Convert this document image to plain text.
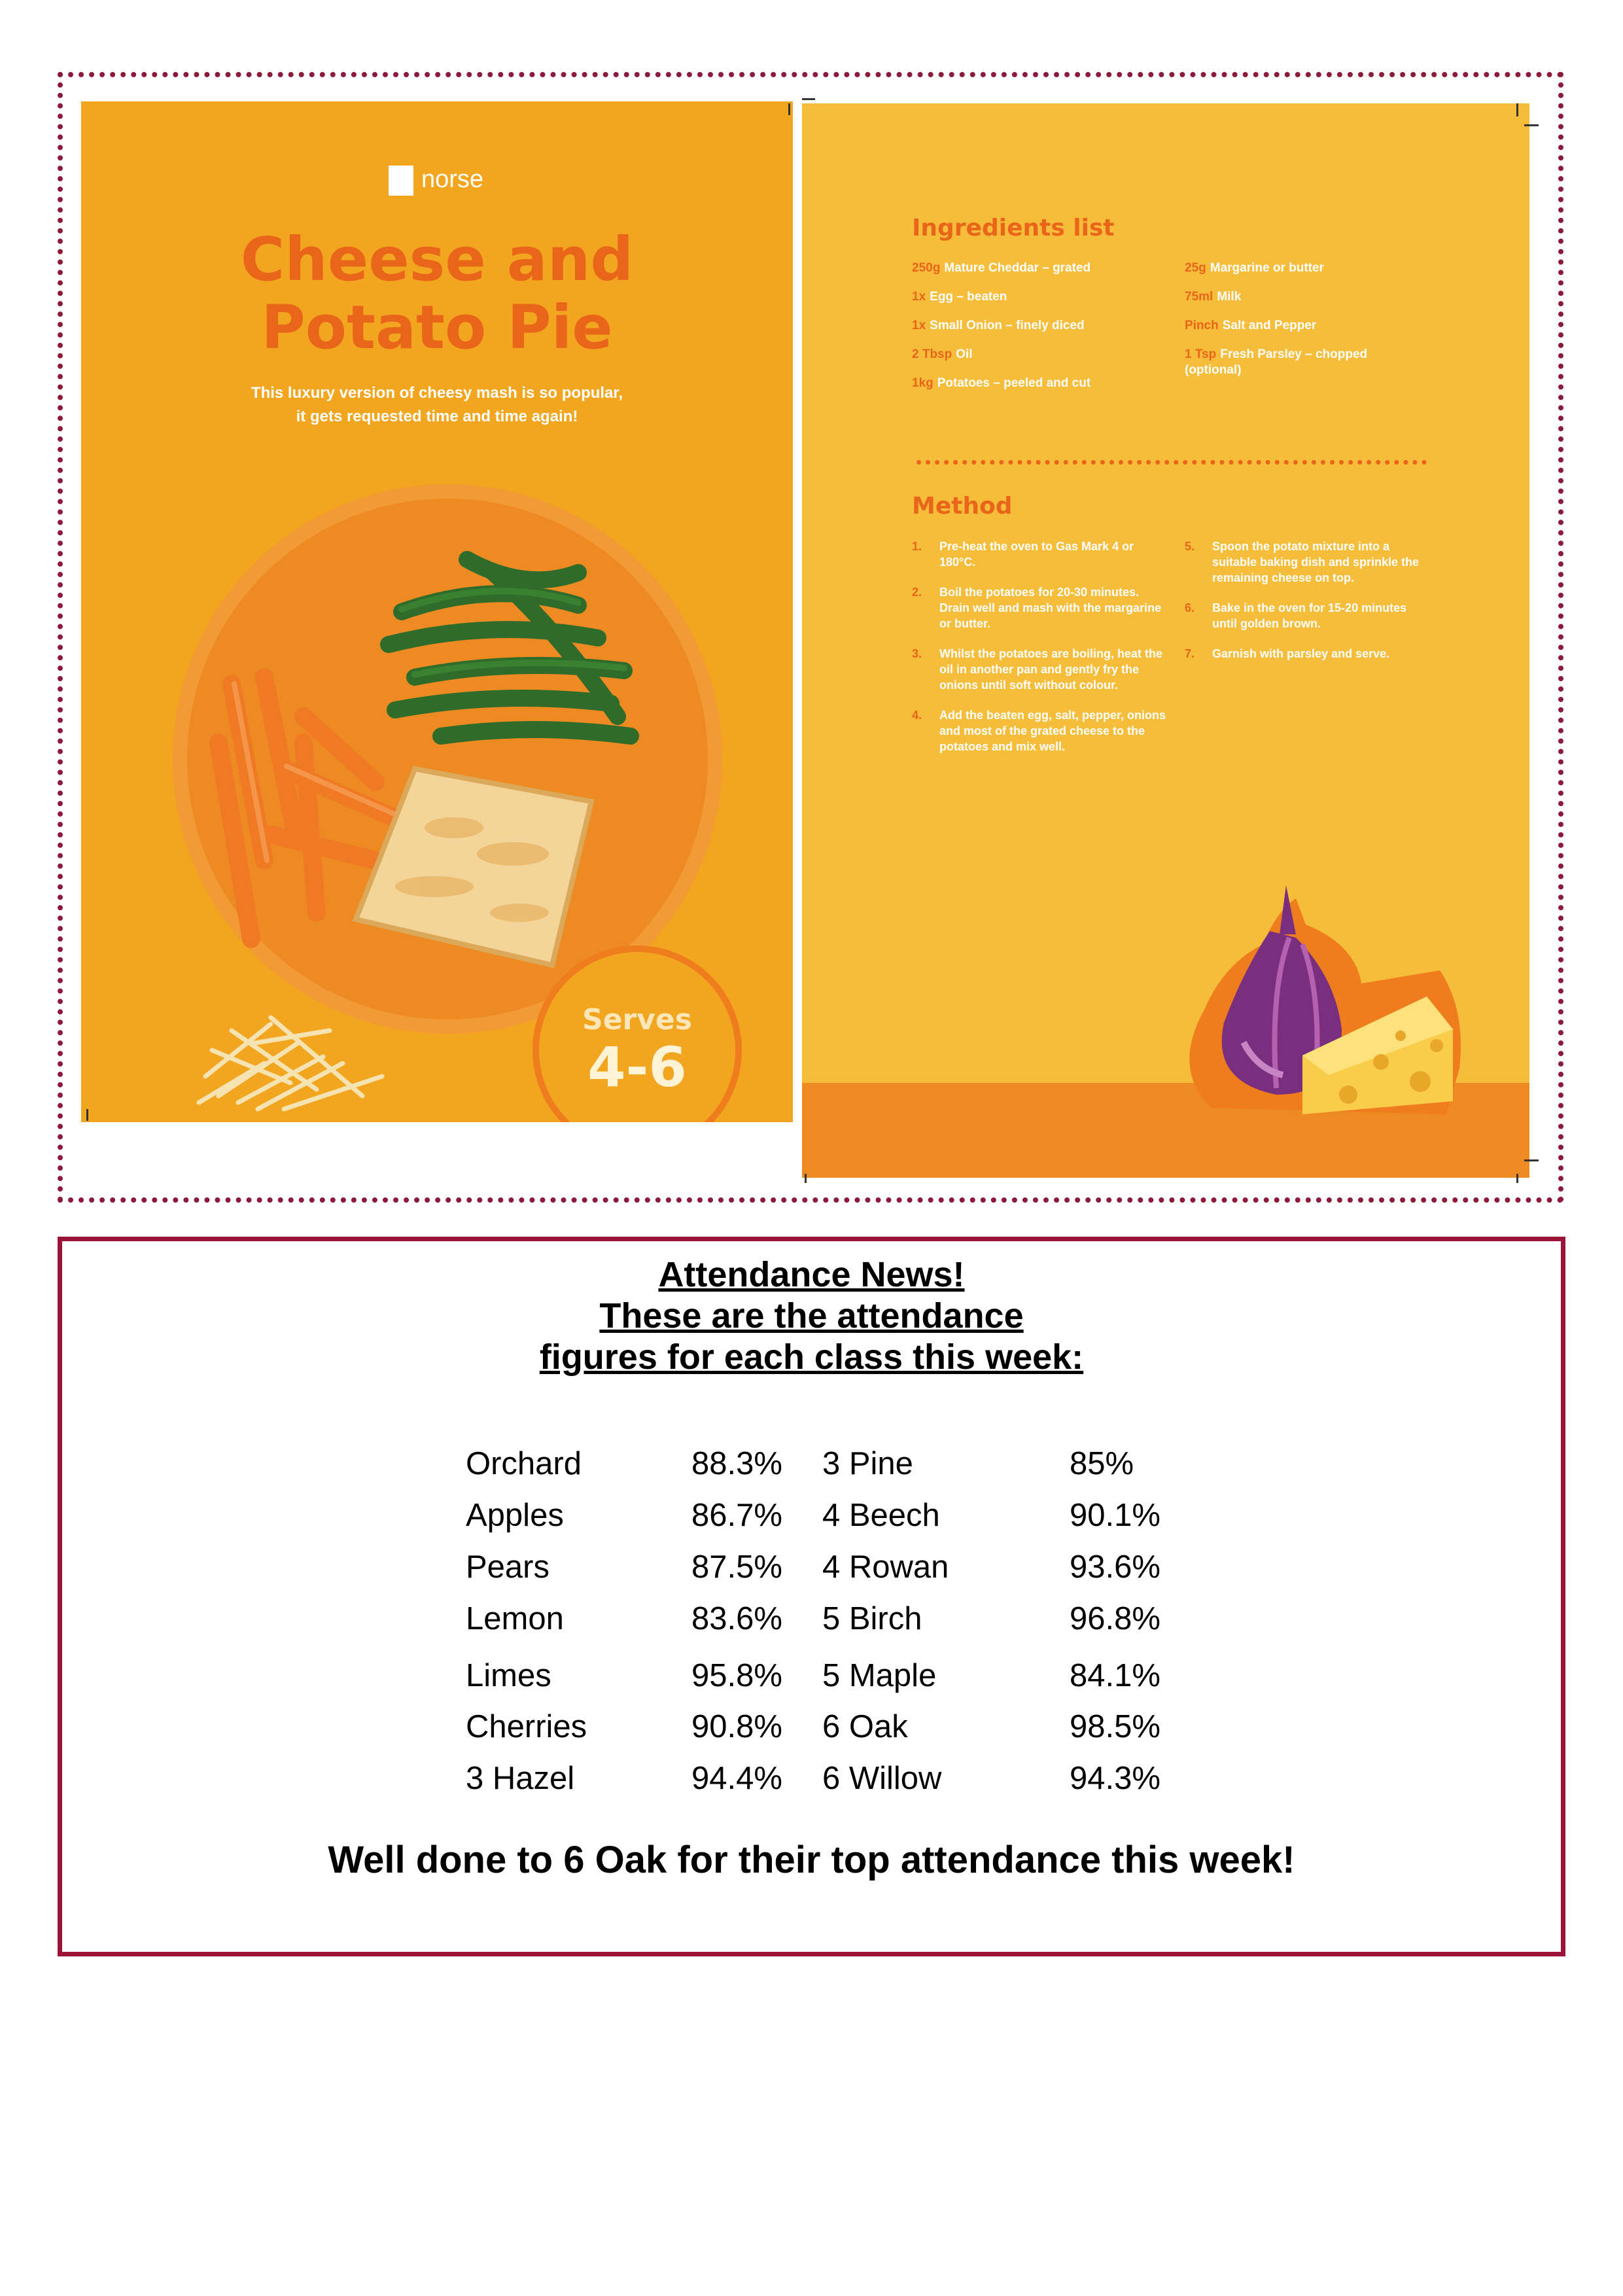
norse
Cheese and
Potato Pie
This luxury version of cheesy mash is so popular,
it gets requested time and time again!
Serves
4-6
Ingredients list
250g Mature Cheddar – grated
1x Egg – beaten
1x Small Onion – finely diced
2 Tbsp Oil
1kg Potatoes – peeled and cut
25g Margarine or butter
75ml Milk
Pinch Salt and Pepper
1 Tsp Fresh Parsley – chopped (optional)
Method
1. Pre-heat the oven to Gas Mark 4 or 180°C.
2. Boil the potatoes for 20-30 minutes. Drain well and mash with the margarine or butter.
3. Whilst the potatoes are boiling, heat the oil in another pan and gently fry the onions until soft without colour.
4. Add the beaten egg, salt, pepper, onions and most of the grated cheese to the potatoes and mix well.
5. Spoon the potato mixture into a suitable baking dish and sprinkle the remaining cheese on top.
6. Bake in the oven for 15-20 minutes until golden brown.
7. Garnish with parsley and serve.
Attendance News!
These are the attendance
figures for each class this week:
Orchard	88.3% 3 Pine	85%
Apples	86.7% 4 Beech	90.1%
Pears	87.5% 4 Rowan	93.6%
Lemon	83.6% 5 Birch	96.8%
Limes	95.8% 5 Maple	84.1%
Cherries	90.8% 6 Oak	98.5%
3 Hazel	94.4% 6 Willow	94.3%
Well done to 6 Oak for their top attendance this week!
